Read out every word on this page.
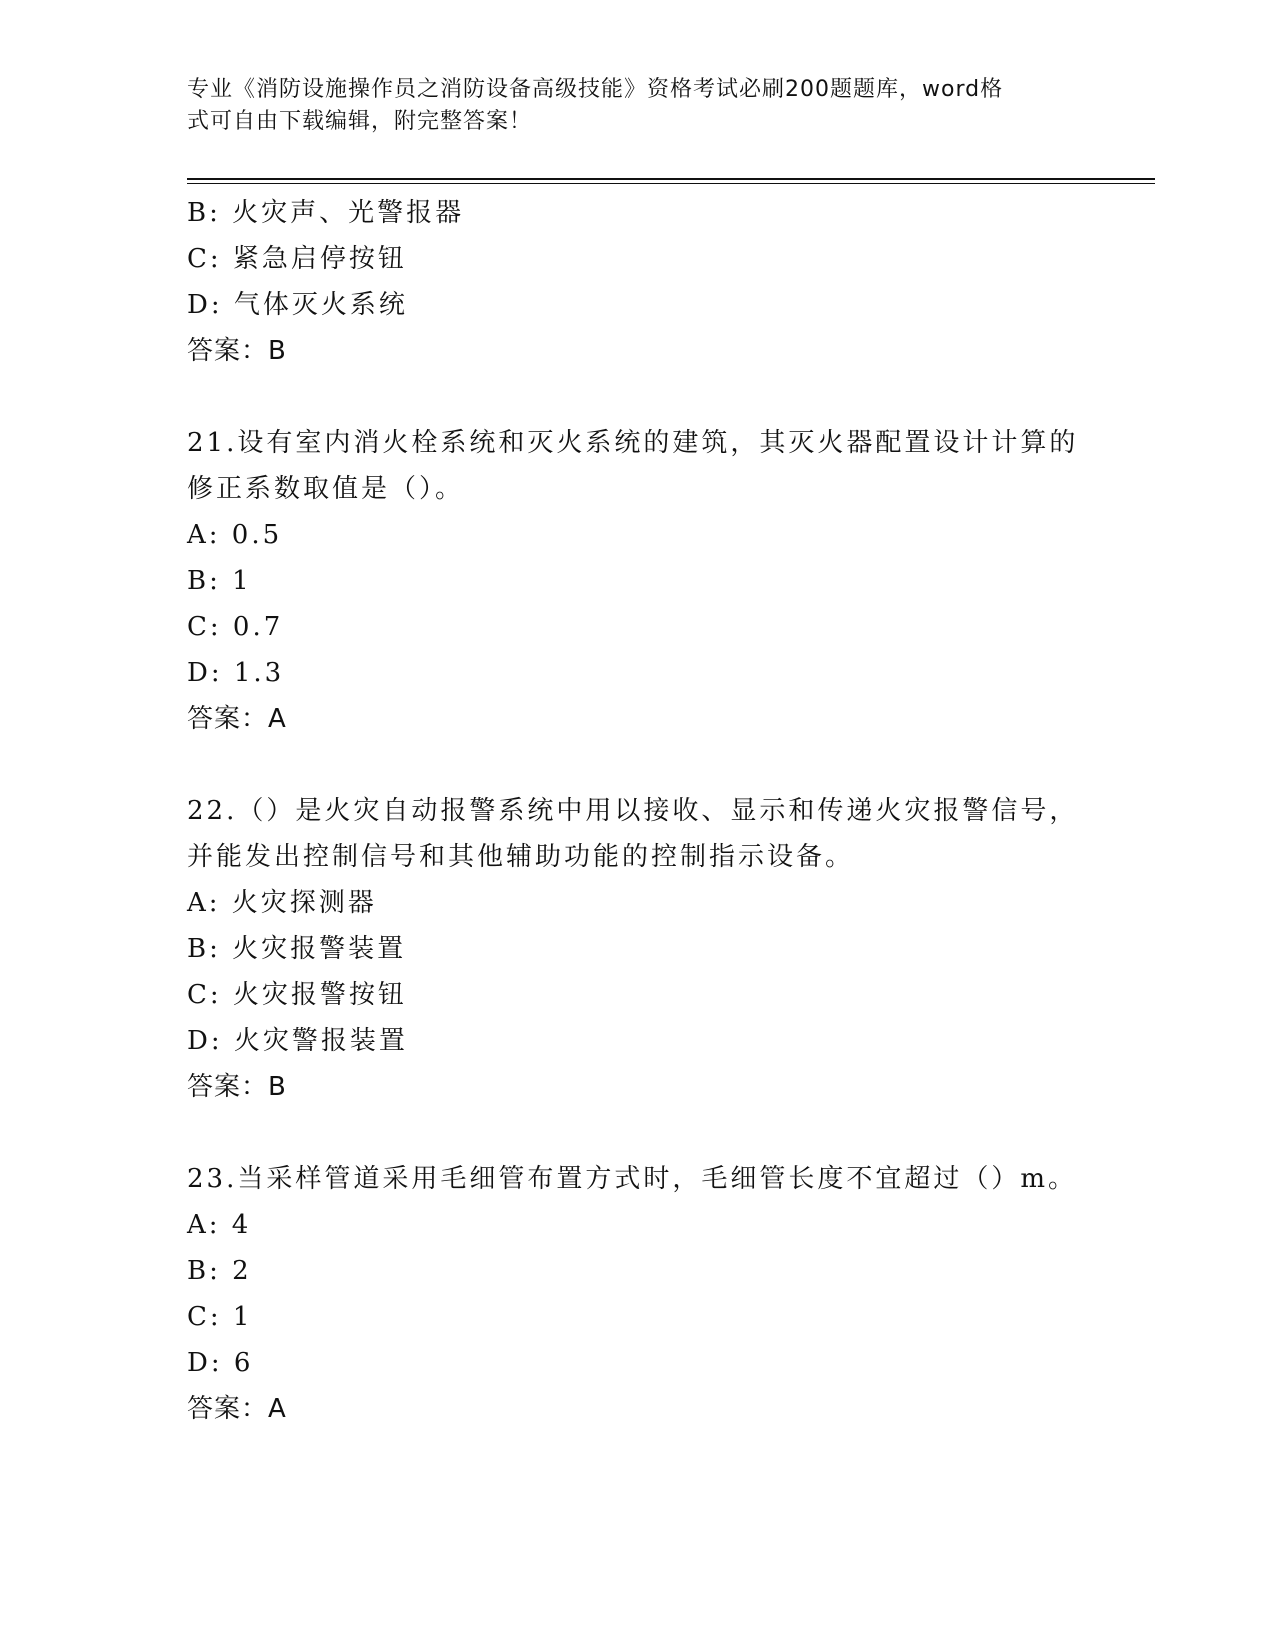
专业《消防设施操作员之消防设备高级技能》资格考试必刷200题题库，word格
式可自由下载编辑，附完整答案！
B: 火灾声、光警报器
C: 紧急启停按钮
D: 气体灭火系统
答案：B
21.设有室内消火栓系统和灭火系统的建筑，其灭火器配置设计计算的
修正系数取值是（）。
A: 0.5
B: 1
C: 0.7
D: 1.3
答案：A
22.（）是火灾自动报警系统中用以接收、显示和传递火灾报警信号，
并能发出控制信号和其他辅助功能的控制指示设备。
A: 火灾探测器
B: 火灾报警装置
C: 火灾报警按钮
D: 火灾警报装置
答案：B
23.当采样管道采用毛细管布置方式时，毛细管长度不宜超过（）m。
A: 4
B: 2
C: 1
D: 6
答案：A
